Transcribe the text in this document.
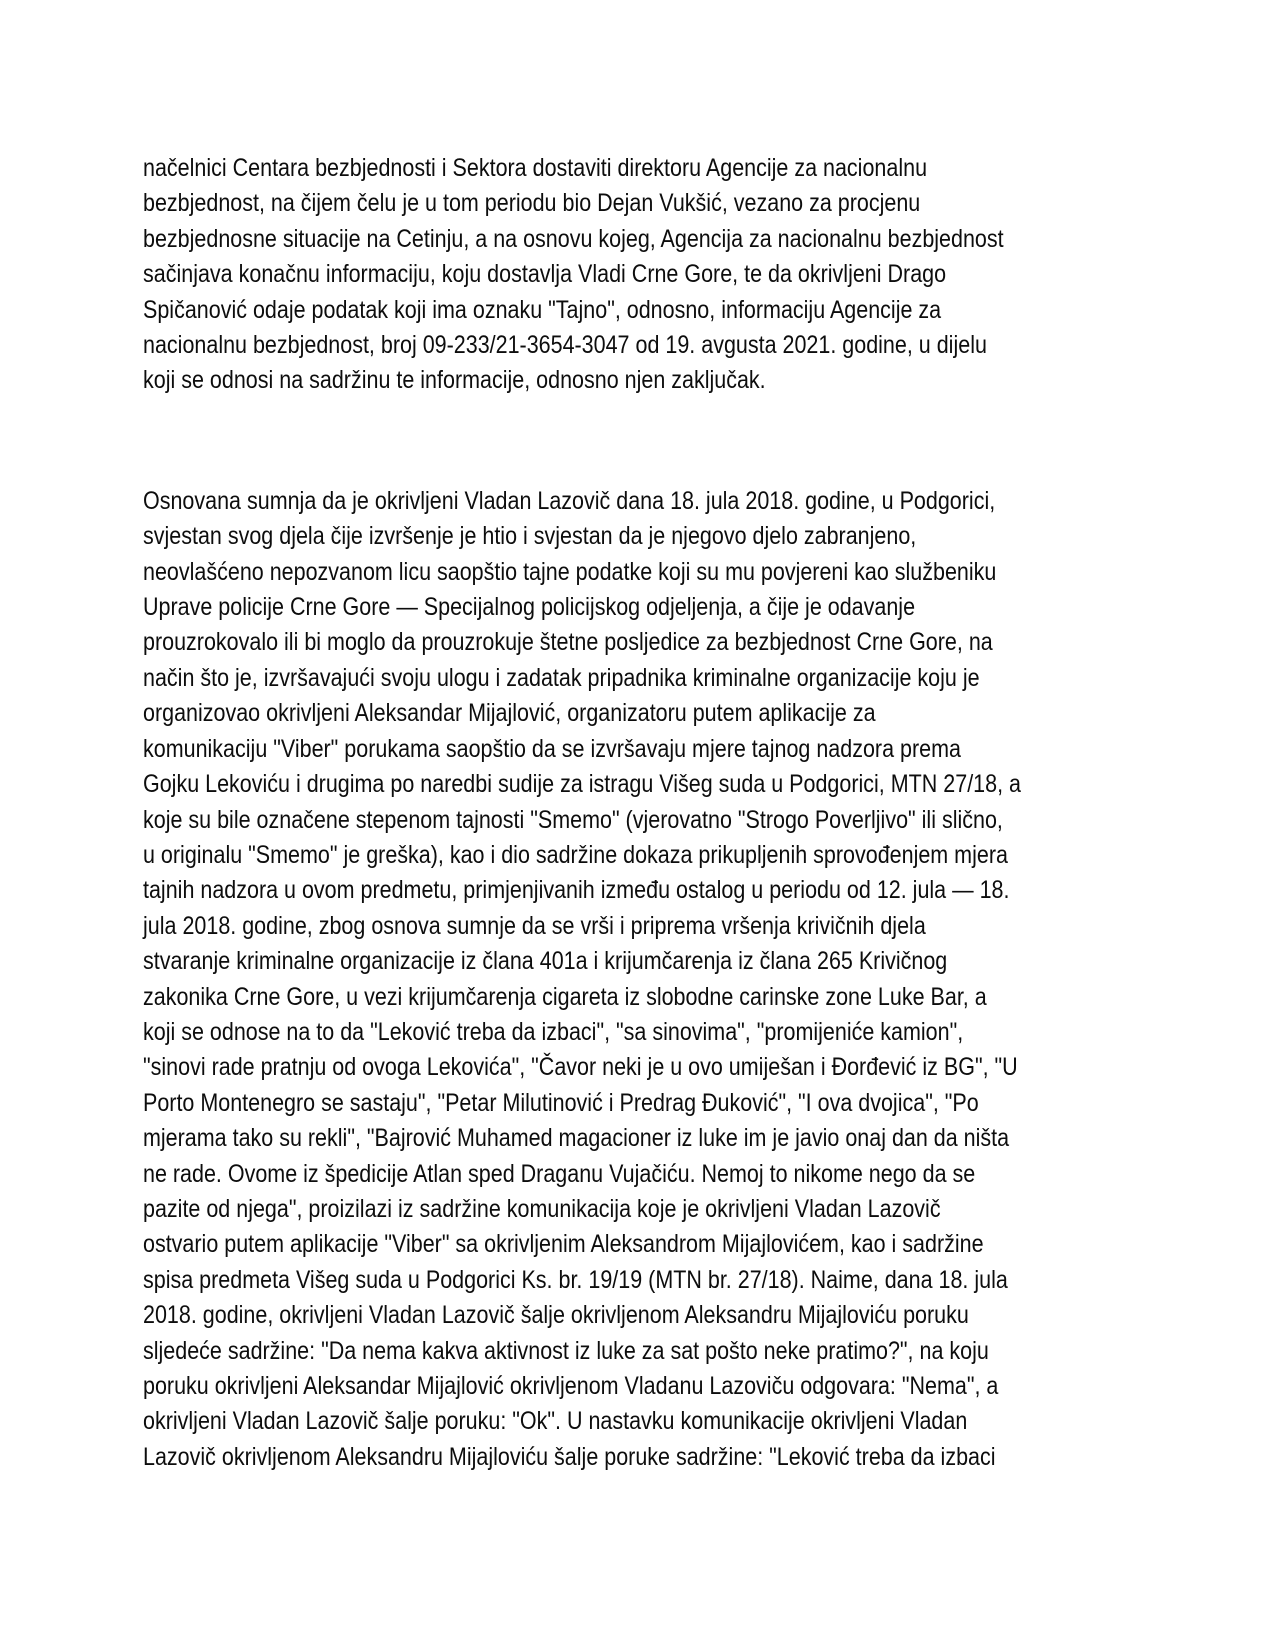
načelnici Centara bezbjednosti i Sektora dostaviti direktoru Agencije za nacionalnu
bezbjednost, na čijem čelu je u tom periodu bio Dejan Vukšić, vezano za procjenu
bezbjednosne situacije na Cetinju, a na osnovu kojeg, Agencija za nacionalnu bezbjednost
sačinjava konačnu informaciju, koju dostavlja Vladi Crne Gore, te da okrivljeni Drago
Spičanović odaje podatak koji ima oznaku "Tajno", odnosno, informaciju Agencije za
nacionalnu bezbjednost, broj 09-233/21-3654-3047 od 19. avgusta 2021. godine, u dijelu
koji se odnosi na sadržinu te informacije, odnosno njen zaključak.
Osnovana sumnja da je okrivljeni Vladan Lazovič dana 18. jula 2018. godine, u Podgorici,
svjestan svog djela čije izvršenje je htio i svjestan da je njegovo djelo zabranjeno,
neovlašćeno nepozvanom licu saopštio tajne podatke koji su mu povjereni kao službeniku
Uprave policije Crne Gore — Specijalnog policijskog odjeljenja, a čije je odavanje
prouzrokovalo ili bi moglo da prouzrokuje štetne posljedice za bezbjednost Crne Gore, na
način što je, izvršavajući svoju ulogu i zadatak pripadnika kriminalne organizacije koju je
organizovao okrivljeni Aleksandar Mijajlović, organizatoru putem aplikacije za
komunikaciju "Viber" porukama saopštio da se izvršavaju mjere tajnog nadzora prema
Gojku Lekoviću i drugima po naredbi sudije za istragu Višeg suda u Podgorici, MTN 27/18, a
koje su bile označene stepenom tajnosti "Smemo" (vjerovatno "Strogo Poverljivo" ili slično,
u originalu "Smemo" je greška), kao i dio sadržine dokaza prikupljenih sprovođenjem mjera
tajnih nadzora u ovom predmetu, primjenjivanih između ostalog u periodu od 12. jula — 18.
jula 2018. godine, zbog osnova sumnje da se vrši i priprema vršenja krivičnih djela
stvaranje kriminalne organizacije iz člana 401a i krijumčarenja iz člana 265 Krivičnog
zakonika Crne Gore, u vezi krijumčarenja cigareta iz slobodne carinske zone Luke Bar, a
koji se odnose na to da "Leković treba da izbaci", "sa sinovima", "promijeniće kamion",
"sinovi rade pratnju od ovoga Lekovića", "Čavor neki je u ovo umiješan i Đorđević iz BG", "U
Porto Montenegro se sastaju", "Petar Milutinović i Predrag Đuković", "I ova dvojica", "Po
mjerama tako su rekli", "Bajrović Muhamed magacioner iz luke im je javio onaj dan da ništa
ne rade. Ovome iz špedicije Atlan sped Draganu Vujačiću. Nemoj to nikome nego da se
pazite od njega", proizilazi iz sadržine komunikacija koje je okrivljeni Vladan Lazovič
ostvario putem aplikacije "Viber" sa okrivljenim Aleksandrom Mijajlovićem, kao i sadržine
spisa predmeta Višeg suda u Podgorici Ks. br. 19/19 (MTN br. 27/18). Naime, dana 18. jula
2018. godine, okrivljeni Vladan Lazovič šalje okrivljenom Aleksandru Mijajloviću poruku
sljedeće sadržine: "Da nema kakva aktivnost iz luke za sat pošto neke pratimo?", na koju
poruku okrivljeni Aleksandar Mijajlović okrivljenom Vladanu Lazoviču odgovara: "Nema", a
okrivljeni Vladan Lazovič šalje poruku: "Ok". U nastavku komunikacije okrivljeni Vladan
Lazovič okrivljenom Aleksandru Mijajloviću šalje poruke sadržine: "Leković treba da izbaci
